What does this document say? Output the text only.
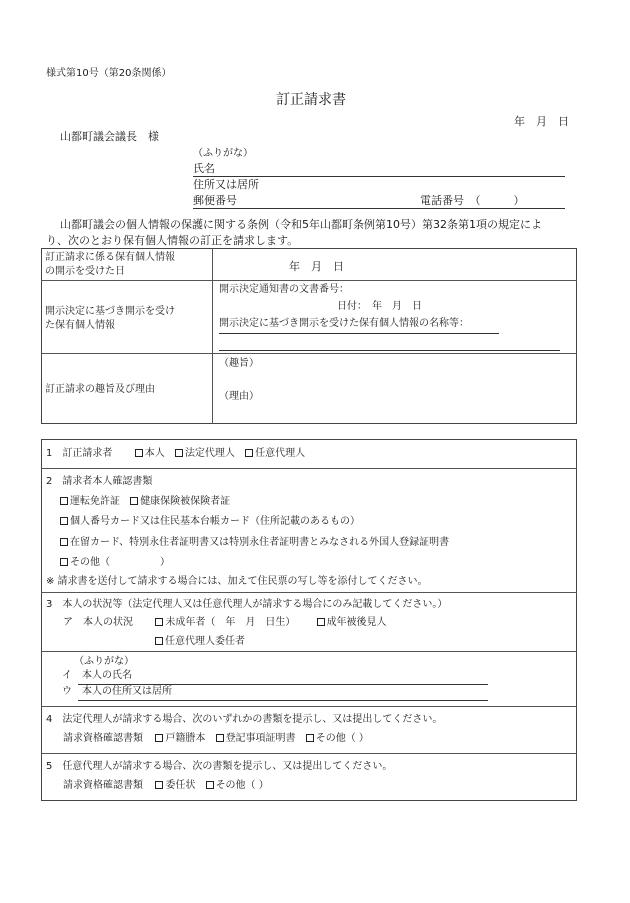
様式第10号（第20条関係）
訂正請求書
年　月　日
山都町議会議長　様
（ふりがな）
氏名
住所又は居所
郵便番号	電話番号　（　　　）
山都町議会の個人情報の保護に関する条例（令和5年山都町条例第10号）第32条第1項の規定によ
り、次のとおり保有個人情報の訂正を請求します。
訂正請求に係る保有個人情報
の開示を受けた日	年　月　日
開示決定に基づき開示を受け
た保有個人情報
開示決定通知書の文書番号：
日付：　年　月　日
開示決定に基づき開示を受けた保有個人情報の名称等：
訂正請求の趣旨及び理由
（趣旨）
（理由）
1　訂正請求者	本人 法定代理人 任意代理人
2　請求者本人確認書類
運転免許証 健康保険被保険者証
個人番号カード又は住民基本台帳カード（住所記載のあるもの）
在留カード、特別永住者証明書又は特別永住者証明書とみなされる外国人登録証明書
その他（　　　　　）
※ 請求書を送付して請求する場合には、加えて住民票の写し等を添付してください。
3　本人の状況等（法定代理人又は任意代理人が請求する場合にのみ記載してください。）
ア　本人の状況	未成年者（　年　月　日生）	成年被後見人
任意代理人委任者
（ふりがな）
イ　本人の氏名
ウ　本人の住所又は居所
4　法定代理人が請求する場合、次のいずれかの書類を提示し、又は提出してください。
請求資格確認書類 戸籍謄本 登記事項証明書 その他（ ）
5　任意代理人が請求する場合、次の書類を提示し、又は提出してください。
請求資格確認書類 委任状 その他（ ）
